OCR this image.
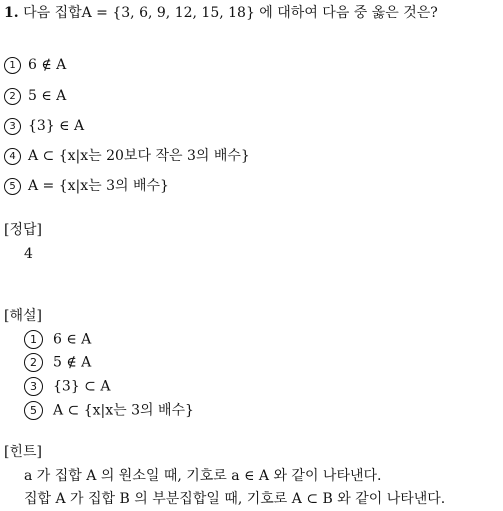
1. 다음 집합A = {3, 6, 9, 12, 15, 18} 에 대하여 다음 중 옳은 것은?
1 6 ∉ A
2 5 ∈ A
3 {3} ∈ A
4 A ⊂ {x|x는 20보다 작은 3의 배수}
5 A = {x|x는 3의 배수}
[정답]
4
[해설]
1 6 ∈ A
2 5 ∉ A
3 {3} ⊂ A
5 A ⊂ {x|x는 3의 배수}
[힌트]
a 가 집합 A 의 원소일 때, 기호로 a ∈ A 와 같이 나타낸다.
집합 A 가 집합 B 의 부분집합일 때, 기호로 A ⊂ B 와 같이 나타낸다.
